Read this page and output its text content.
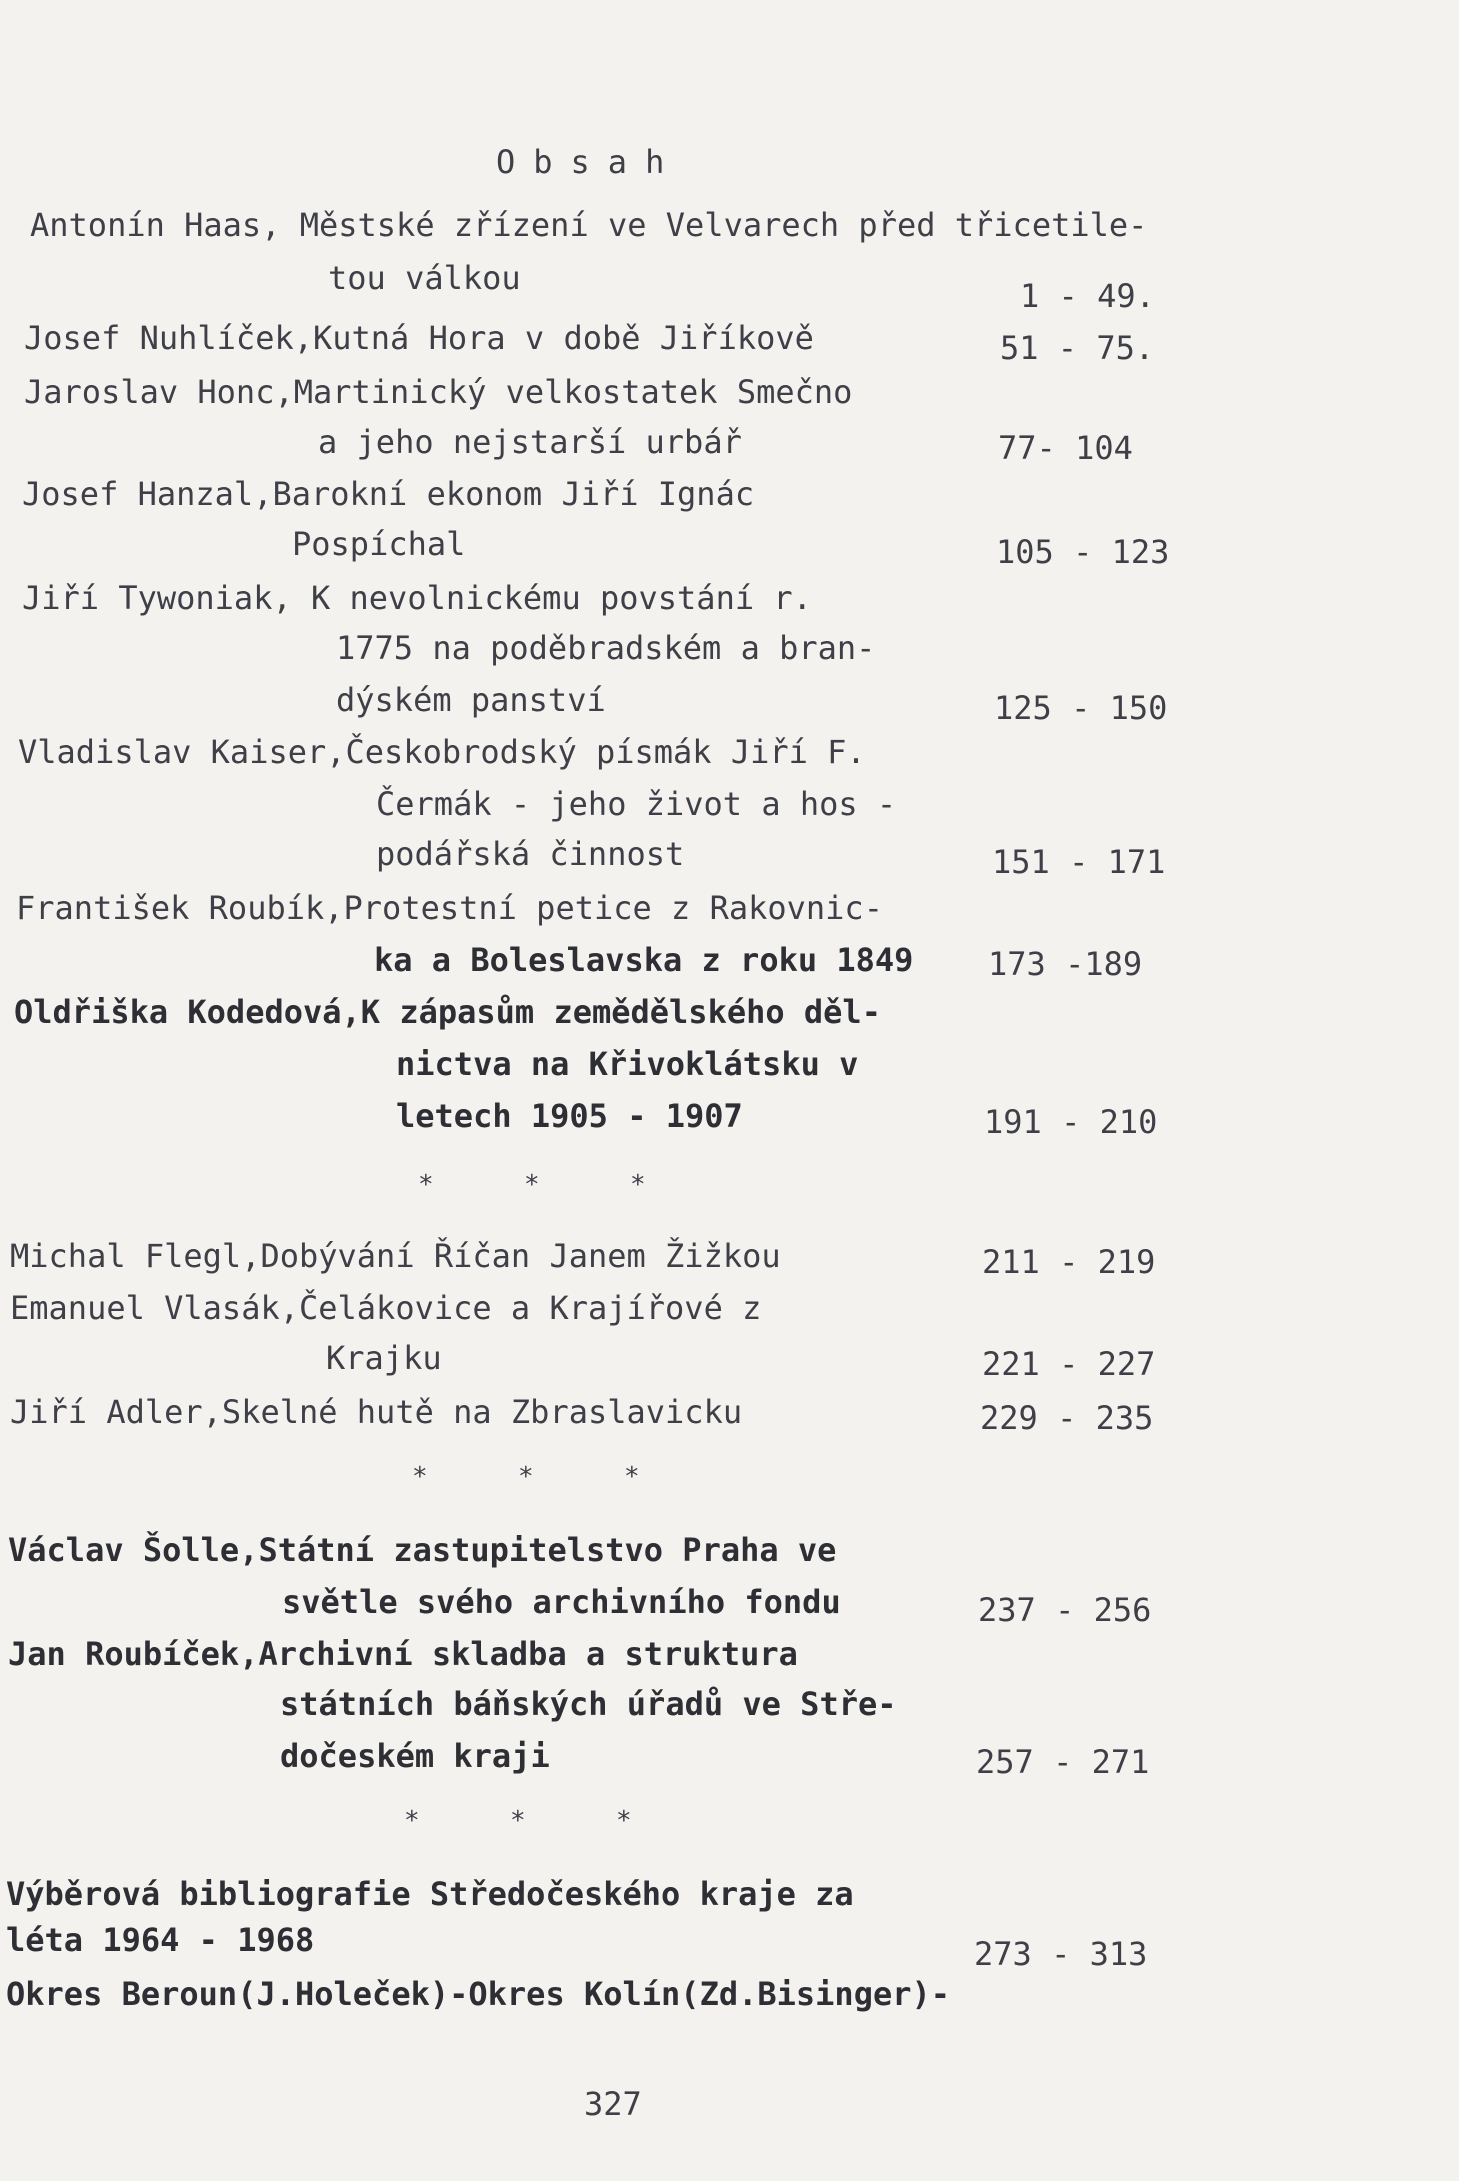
Obsah
Antonín Haas, Městské zřízení ve Velvarech před třicetile-
tou válkou	1 - 49.
Josef Nuhlíček,Kutná Hora v době Jiříkově	51 - 75.
Jaroslav Honc,Martinický velkostatek Smečno
a jeho nejstarší urbář	77- 104
Josef Hanzal,Barokní ekonom Jiří Ignác
Pospíchal	105 - 123
Jiří Tywoniak, K nevolnickému povstání r.
1775 na poděbradském a bran-
dýském panství	125 - 150
Vladislav Kaiser,Českobrodský písmák Jiří F.
Čermák - jeho život a hos -
podářská činnost	151 - 171
František Roubík,Protestní petice z Rakovnic-
ka a Boleslavska z roku 1849 173 -189
Oldřiška Kodedová,K zápasům zemědělského děl-
nictva na Křivoklátsku v
letech 1905 - 1907	191 - 210
*	*	*
Michal Flegl,Dobývání Říčan Janem Žižkou	211 - 219
Emanuel Vlasák,Čelákovice a Krajířové z
Krajku	221 - 227
Jiří Adler,Skelné hutě na Zbraslavicku	229 - 235
*	*	*
Václav Šolle,Státní zastupitelstvo Praha ve
světle svého archivního fondu	237 - 256
Jan Roubíček,Archivní skladba a struktura
státních báňských úřadů ve Stře-
dočeském kraji	257 - 271
*	*	*
Výběrová bibliografie Středočeského kraje za
léta 1964 - 1968	273 - 313
Okres Beroun(J.Holeček)-Okres Kolín(Zd.Bisinger)-
327
